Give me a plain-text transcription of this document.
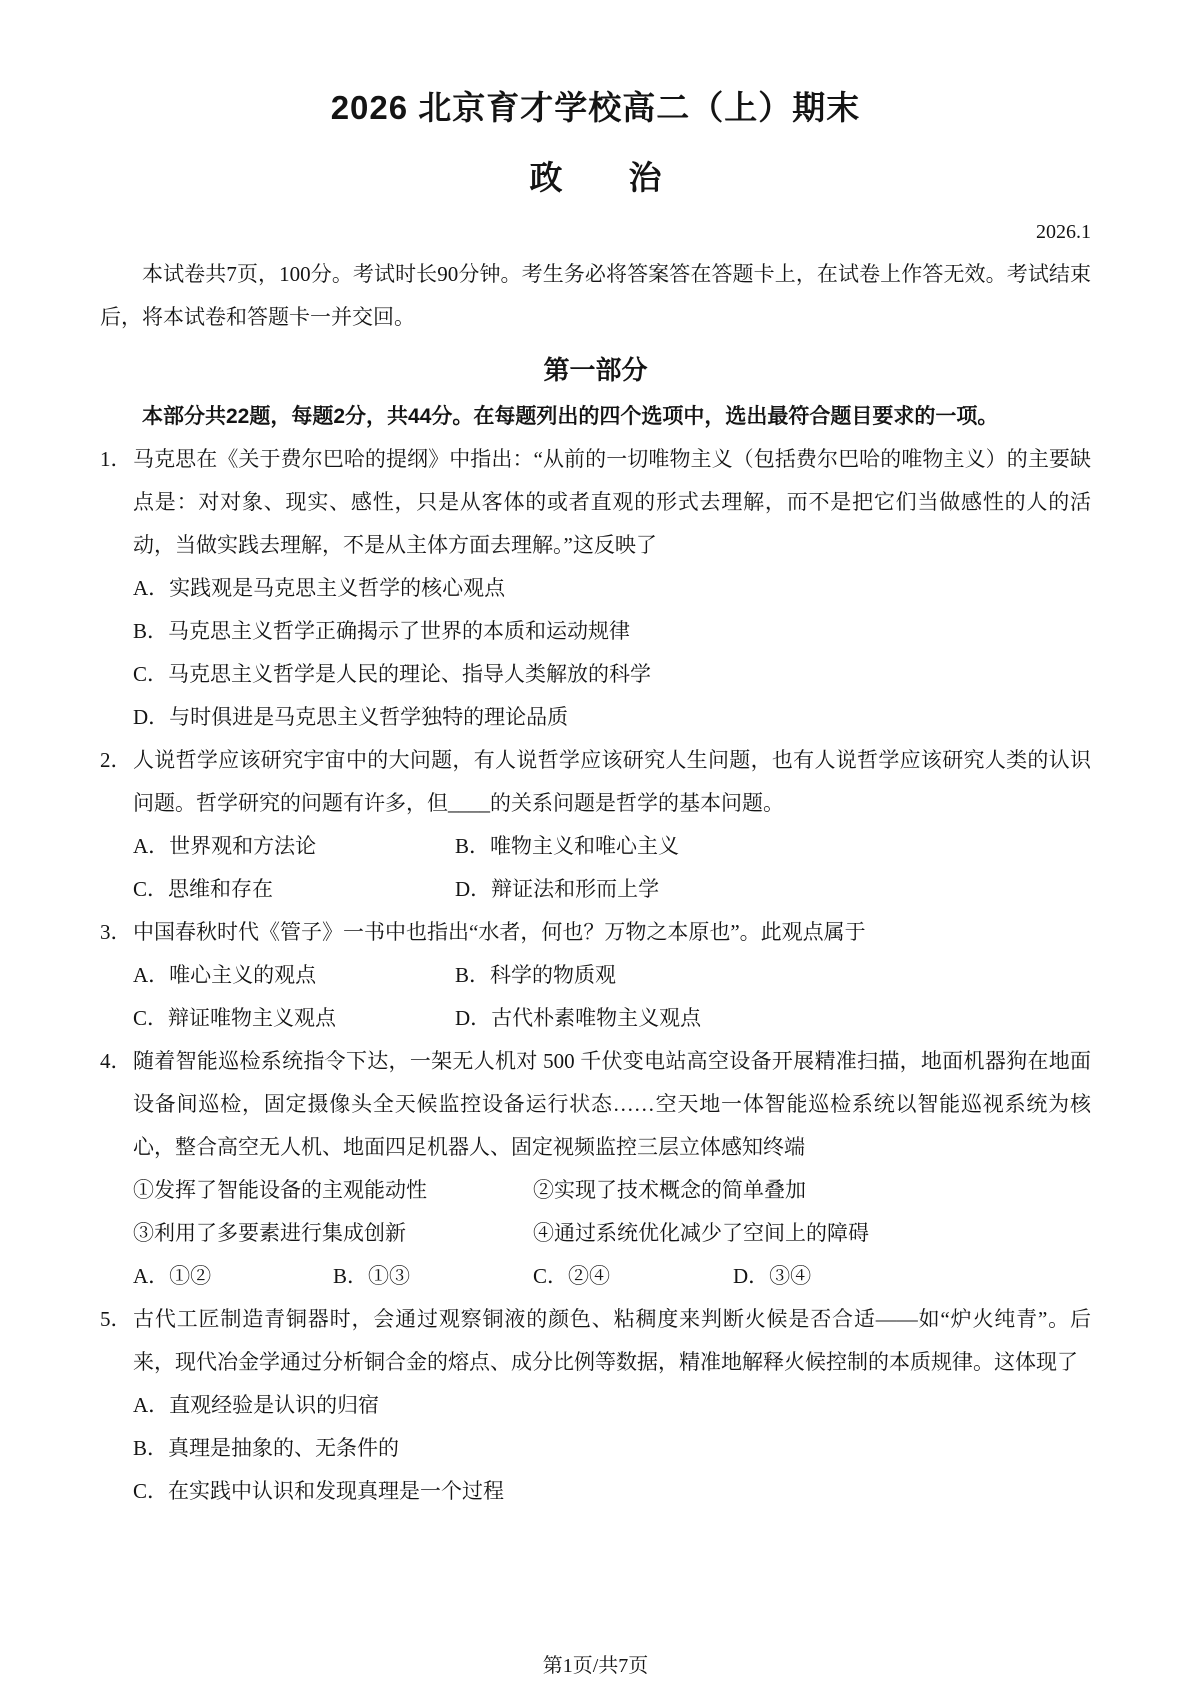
2026 北京育才学校高二（上）期末
政　　治
2026.1

本试卷共7页，100分。考试时长90分钟。考生务必将答案答在答题卡上，在试卷上作答无效。考试结束后，将本试卷和答题卡一并交回。

第一部分

本部分共22题，每题2分，共44分。在每题列出的四个选项中，选出最符合题目要求的一项。

1． 马克思在《关于费尔巴哈的提纲》中指出：“从前的一切唯物主义（包括费尔巴哈的唯物主义）的主要缺点是：对对象、现实、感性，只是从客体的或者直观的形式去理解，而不是把它们当做感性的人的活动，当做实践去理解，不是从主体方面去理解。”这反映了
A．实践观是马克思主义哲学的核心观点
B．马克思主义哲学正确揭示了世界的本质和运动规律
C．马克思主义哲学是人民的理论、指导人类解放的科学
D．与时俱进是马克思主义哲学独特的理论品质
2． 人说哲学应该研究宇宙中的大问题，有人说哲学应该研究人生问题，也有人说哲学应该研究人类的认识问题。哲学研究的问题有许多，但____的关系问题是哲学的基本问题。
A．世界观和方法论	B．唯物主义和唯心主义
C．思维和存在	D．辩证法和形而上学
3． 中国春秋时代《管子》一书中也指出“水者，何也？万物之本原也”。此观点属于
A．唯心主义的观点	B．科学的物质观
C．辩证唯物主义观点	D．古代朴素唯物主义观点
4． 随着智能巡检系统指令下达，一架无人机对 500 千伏变电站高空设备开展精准扫描，地面机器狗在地面设备间巡检，固定摄像头全天候监控设备运行状态……空天地一体智能巡检系统以智能巡视系统为核心，整合高空无人机、地面四足机器人、固定视频监控三层立体感知终端
①发挥了智能设备的主观能动性	②实现了技术概念的简单叠加
③利用了多要素进行集成创新	④通过系统优化减少了空间上的障碍
A．①②	B．①③	C．②④	D．③④
5． 古代工匠制造青铜器时，会通过观察铜液的颜色、粘稠度来判断火候是否合适——如“炉火纯青”。后来，现代冶金学通过分析铜合金的熔点、成分比例等数据，精准地解释火候控制的本质规律。这体现了
A．直观经验是认识的归宿
B．真理是抽象的、无条件的
C．在实践中认识和发现真理是一个过程
第1页/共7页
